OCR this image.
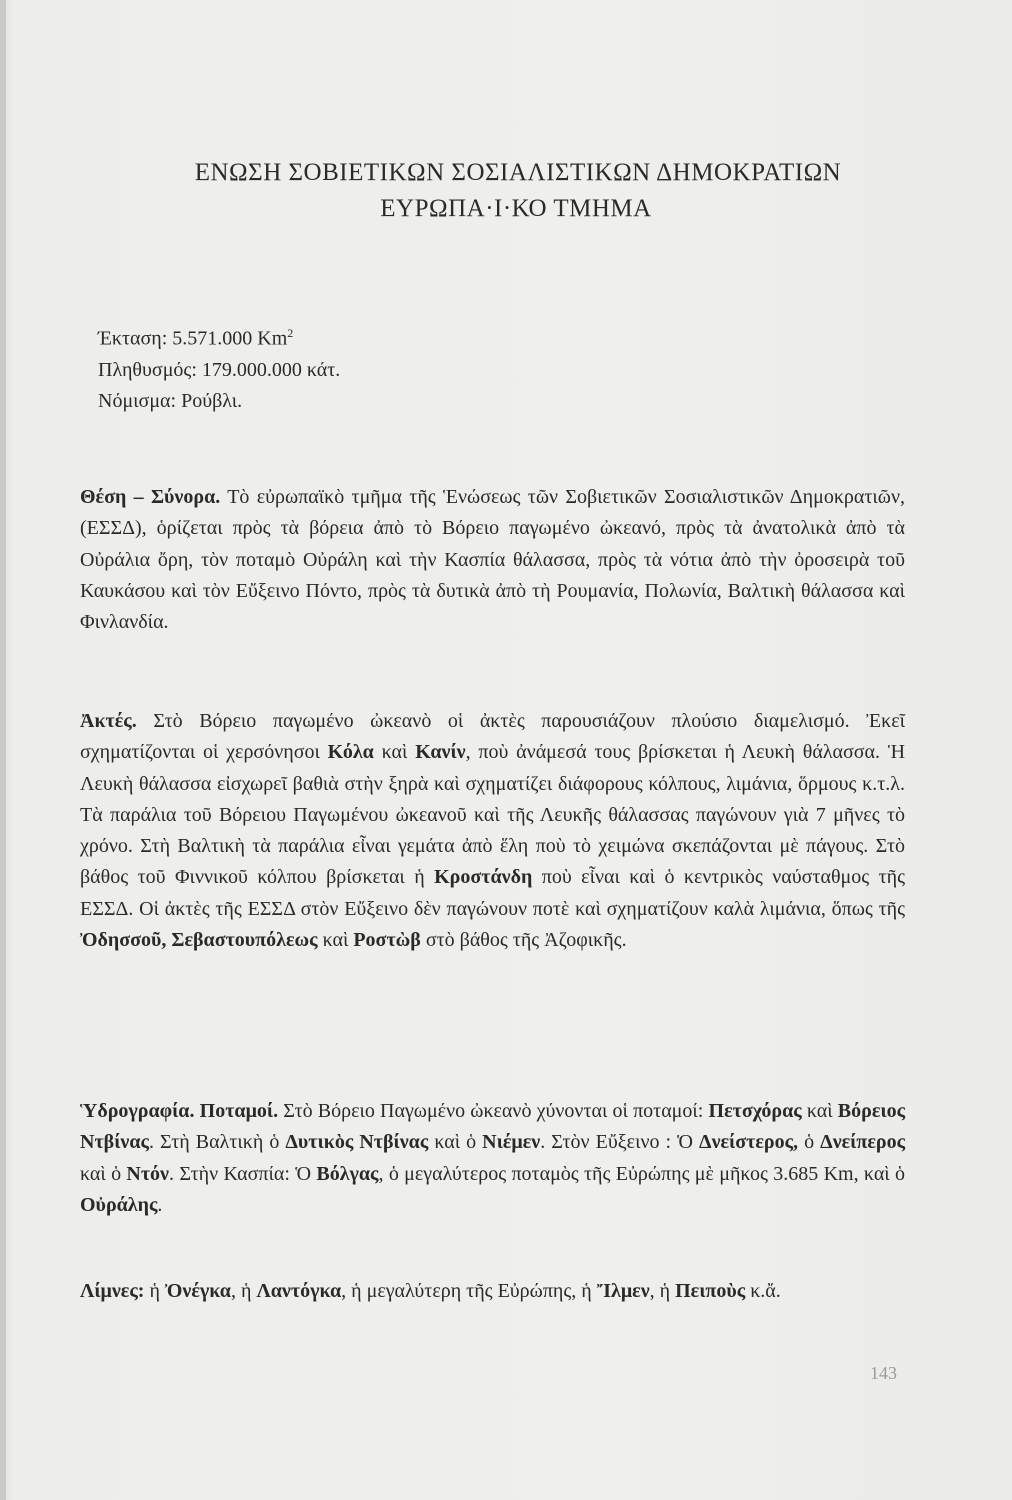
ΕΝΩΣΗ ΣΟΒΙΕΤΙΚΩΝ ΣΟΣΙΑΛΙΣΤΙΚΩΝ ΔΗΜΟΚΡΑΤΙΩΝ
ΕΥΡΩΠΑ·Ι·ΚΟ ΤΜΗΜΑ
Έκταση: 5.571.000 Km$^2$
Πληθυσμός: 179.000.000 κάτ.
Νόμισμα: Ρούβλι.
Θέση – Σύνορα. Τὸ εὐρωπαϊκὸ τμῆμα τῆς Ἑνώσεως τῶν Σοβιετικῶν Σοσιαλιστικῶν Δημοκρατιῶν, (ΕΣΣΔ), ὁρίζεται πρὸς τὰ βόρεια ἀπὸ τὸ Βόρειο παγωμένο ὠκεανό, πρὸς τὰ ἀνατολικὰ ἀπὸ τὰ Οὐράλια ὄρη, τὸν ποταμὸ Οὐράλη καὶ τὴν Κασπία θάλασσα, πρὸς τὰ νότια ἀπὸ τὴν ὀροσειρὰ τοῦ Καυκάσου καὶ τὸν Εὔξεινο Πόντο, πρὸς τὰ δυτικὰ ἀπὸ τὴ Ρουμανία, Πολωνία, Βαλτικὴ θάλασσα καὶ Φινλανδία.
Ἀκτές. Στὸ Βόρειο παγωμένο ὠκεανὸ οἱ ἀκτὲς παρουσιάζουν πλούσιο διαμελισμό. Ἐκεῖ σχηματίζονται οἱ χερσόνησοι Κόλα καὶ Κανίν, ποὺ ἀνάμεσά τους βρίσκεται ἡ Λευκὴ θάλασσα. Ἡ Λευκὴ θάλασσα εἰσχωρεῖ βαθιὰ στὴν ξηρὰ καὶ σχηματίζει διάφορους κόλπους, λιμάνια, ὅρμους κ.τ.λ. Τὰ παράλια τοῦ Βόρειου Παγωμένου ὠκεανοῦ καὶ τῆς Λευκῆς θάλασσας παγώνουν γιὰ 7 μῆνες τὸ χρόνο. Στὴ Βαλτικὴ τὰ παράλια εἶναι γεμάτα ἀπὸ ἕλη ποὺ τὸ χειμώνα σκεπάζονται μὲ πάγους. Στὸ βάθος τοῦ Φιννικοῦ κόλπου βρίσκεται ἡ Κροστάνδη ποὺ εἶναι καὶ ὁ κεντρικὸς ναύσταθμος τῆς ΕΣΣΔ. Οἱ ἀκτὲς τῆς ΕΣΣΔ στὸν Εὔξεινο δὲν παγώνουν ποτὲ καὶ σχηματίζουν καλὰ λιμάνια, ὅπως τῆς Ὀδησσοῦ, Σεβαστουπόλεως καὶ Ροστὼβ στὸ βάθος τῆς Ἀζοφικῆς.
Ὑδρογραφία. Ποταμοί. Στὸ Βόρειο Παγωμένο ὠκεανὸ χύνονται οἱ ποταμοί: Πετσχόρας καὶ Βόρειος Ντβίνας. Στὴ Βαλτικὴ ὁ Δυτικὸς Ντβίνας καὶ ὁ Νιέμεν. Στὸν Εὔξεινο : Ὁ Δνείστερος, ὁ Δνείπερος καὶ ὁ Ντόν. Στὴν Κασπία: Ὁ Βόλγας, ὁ μεγαλύτερος ποταμὸς τῆς Εὐρώπης μὲ μῆκος 3.685 Km, καὶ ὁ Οὐράλης.
Λίμνες: ἡ Ὀνέγκα, ἡ Λαντόγκα, ἡ μεγαλύτερη τῆς Εὐρώπης, ἡ Ἴλμεν, ἡ Πειποὺς κ.ἄ.
143
